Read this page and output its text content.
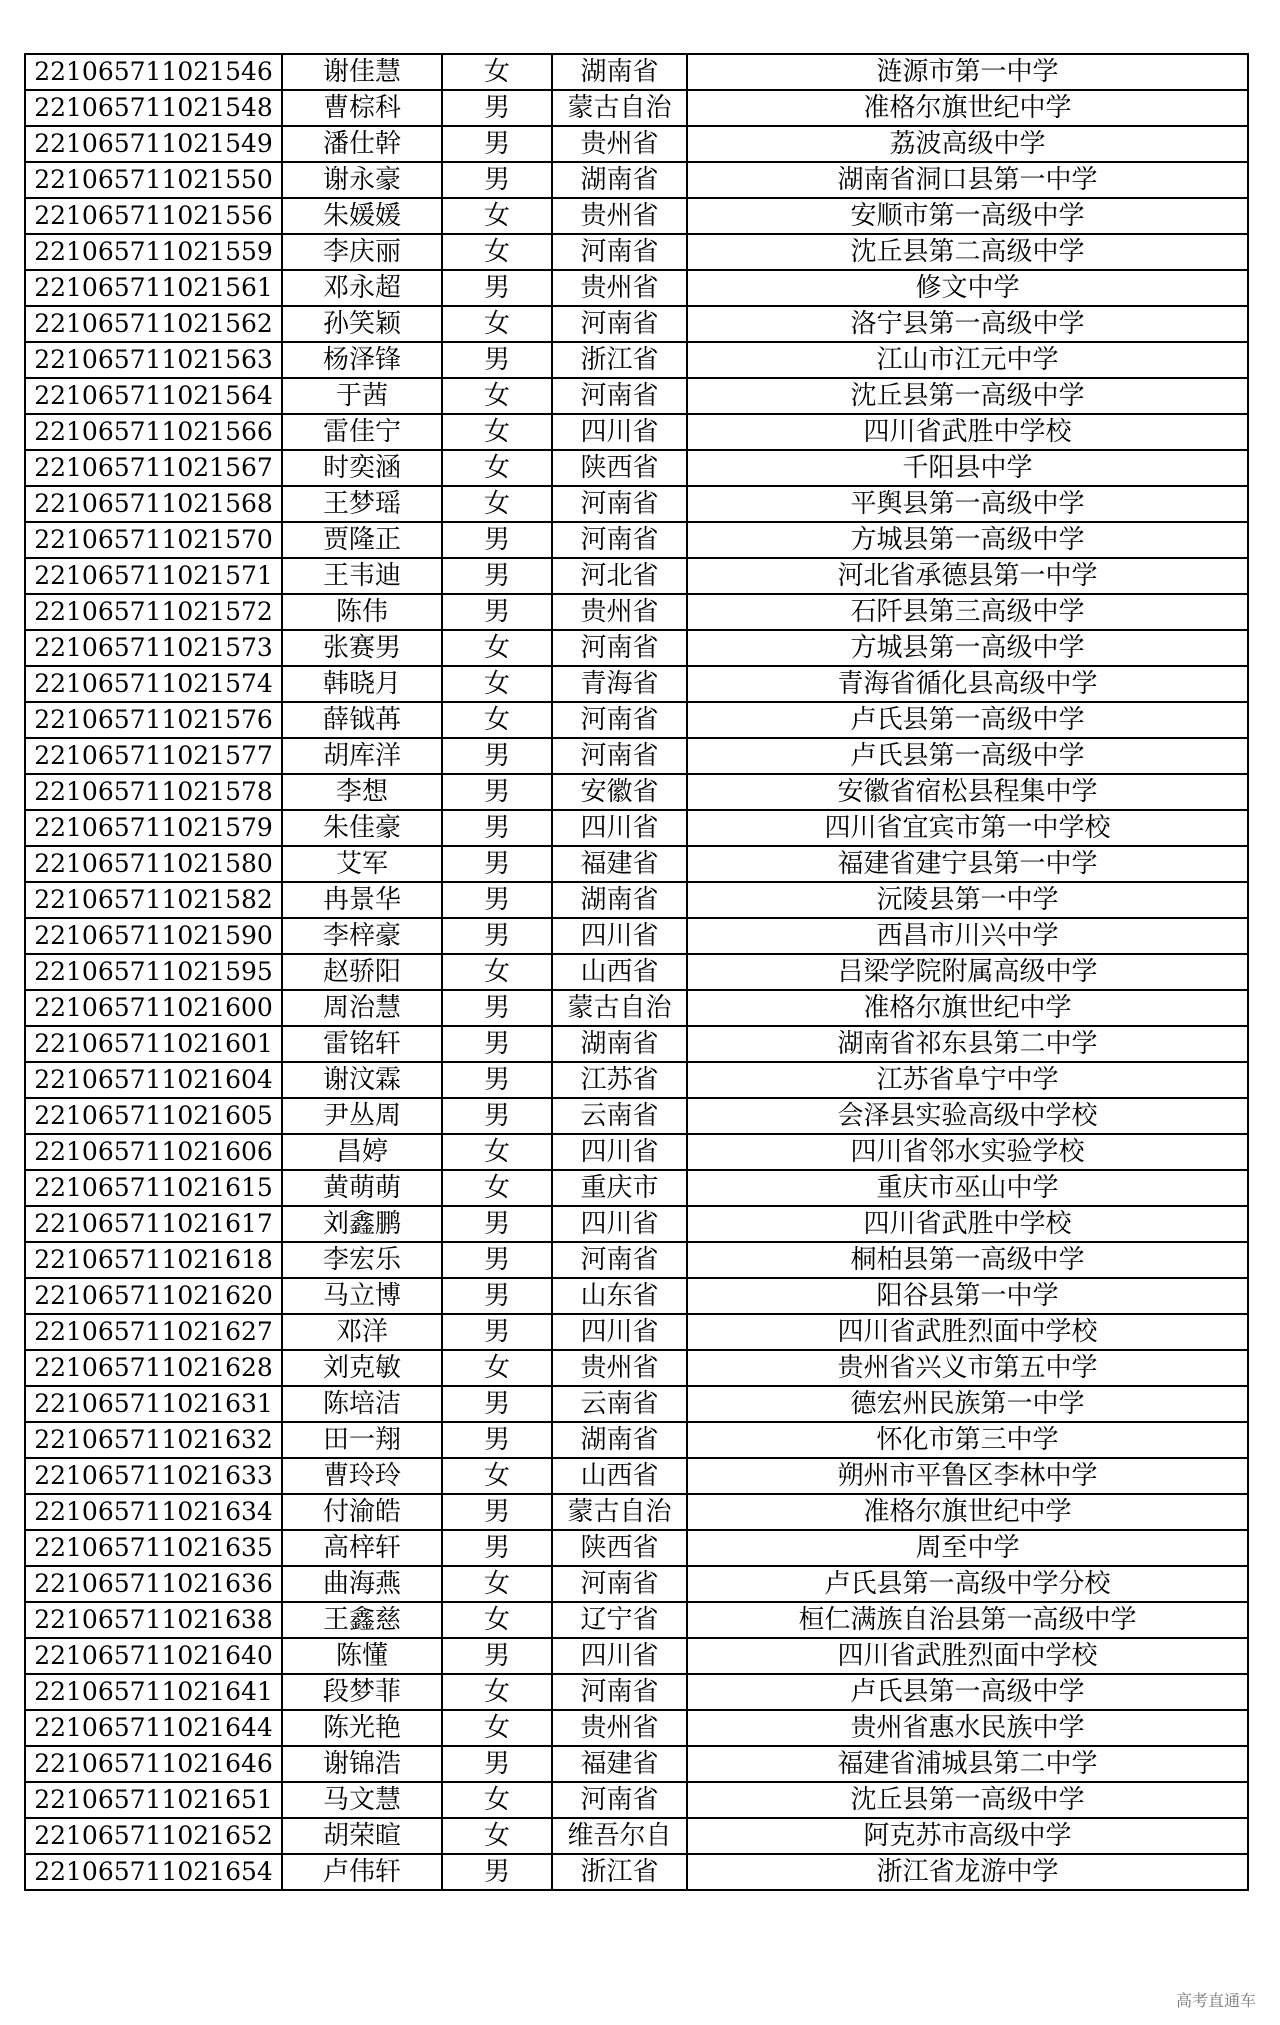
221065711021546	谢佳慧	女	湖南省	涟源市第一中学
221065711021548	曹棕科	男	蒙古自治	准格尔旗世纪中学
221065711021549	潘仕幹	男	贵州省	荔波高级中学
221065711021550	谢永豪	男	湖南省	湖南省洞口县第一中学
221065711021556	朱媛媛	女	贵州省	安顺市第一高级中学
221065711021559	李庆丽	女	河南省	沈丘县第二高级中学
221065711021561	邓永超	男	贵州省	修文中学
221065711021562	孙笑颖	女	河南省	洛宁县第一高级中学
221065711021563	杨泽锋	男	浙江省	江山市江元中学
221065711021564	于茜	女	河南省	沈丘县第一高级中学
221065711021566	雷佳宁	女	四川省	四川省武胜中学校
221065711021567	时奕涵	女	陕西省	千阳县中学
221065711021568	王梦瑶	女	河南省	平舆县第一高级中学
221065711021570	贾隆正	男	河南省	方城县第一高级中学
221065711021571	王韦迪	男	河北省	河北省承德县第一中学
221065711021572	陈伟	男	贵州省	石阡县第三高级中学
221065711021573	张赛男	女	河南省	方城县第一高级中学
221065711021574	韩晓月	女	青海省	青海省循化县高级中学
221065711021576	薛钺苒	女	河南省	卢氏县第一高级中学
221065711021577	胡库洋	男	河南省	卢氏县第一高级中学
221065711021578	李想	男	安徽省	安徽省宿松县程集中学
221065711021579	朱佳豪	男	四川省	四川省宜宾市第一中学校
221065711021580	艾军	男	福建省	福建省建宁县第一中学
221065711021582	冉景华	男	湖南省	沅陵县第一中学
221065711021590	李梓豪	男	四川省	西昌市川兴中学
221065711021595	赵骄阳	女	山西省	吕梁学院附属高级中学
221065711021600	周治慧	男	蒙古自治	准格尔旗世纪中学
221065711021601	雷铭轩	男	湖南省	湖南省祁东县第二中学
221065711021604	谢汶霖	男	江苏省	江苏省阜宁中学
221065711021605	尹丛周	男	云南省	会泽县实验高级中学校
221065711021606	昌婷	女	四川省	四川省邻水实验学校
221065711021615	黄萌萌	女	重庆市	重庆市巫山中学
221065711021617	刘鑫鹏	男	四川省	四川省武胜中学校
221065711021618	李宏乐	男	河南省	桐柏县第一高级中学
221065711021620	马立博	男	山东省	阳谷县第一中学
221065711021627	邓洋	男	四川省	四川省武胜烈面中学校
221065711021628	刘克敏	女	贵州省	贵州省兴义市第五中学
221065711021631	陈培洁	男	云南省	德宏州民族第一中学
221065711021632	田一翔	男	湖南省	怀化市第三中学
221065711021633	曹玲玲	女	山西省	朔州市平鲁区李林中学
221065711021634	付渝皓	男	蒙古自治	准格尔旗世纪中学
221065711021635	高梓轩	男	陕西省	周至中学
221065711021636	曲海燕	女	河南省	卢氏县第一高级中学分校
221065711021638	王鑫慈	女	辽宁省	桓仁满族自治县第一高级中学
221065711021640	陈懂	男	四川省	四川省武胜烈面中学校
221065711021641	段梦菲	女	河南省	卢氏县第一高级中学
221065711021644	陈光艳	女	贵州省	贵州省惠水民族中学
221065711021646	谢锦浩	男	福建省	福建省浦城县第二中学
221065711021651	马文慧	女	河南省	沈丘县第一高级中学
221065711021652	胡荣暄	女	维吾尔自	阿克苏市高级中学
221065711021654	卢伟轩	男	浙江省	浙江省龙游中学
高考直通车
